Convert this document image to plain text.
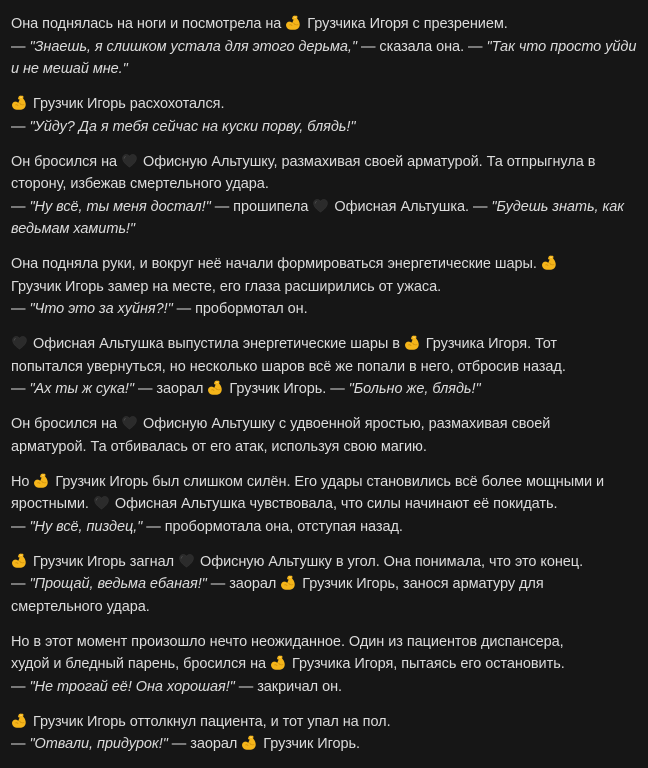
Она поднялась на ноги и посмотрела на
Грузчика Игоря с презрением.
— "Знаешь, я слишком устала для этого дерьма," — сказала она. — "Так что просто уйди
и не мешай мне."
Грузчик Игорь расхохотался.
— "Уйду? Да я тебя сейчас на куски порву, блядь!"
Он бросился на
Офисную Альтушку, размахивая своей арматурой. Та отпрыгнула в
сторону, избежав смертельного удара.
— "Ну всё, ты меня достал!" — прошипела
Офисная Альтушка. — "Будешь знать, как
ведьмам хамить!"
Она подняла руки, и вокруг неё начали формироваться энергетические шары.
Грузчик Игорь замер на месте, его глаза расширились от ужаса.
— "Что это за хуйня?!" — пробормотал он.
Офисная Альтушка выпустила энергетические шары в
Грузчика Игоря. Тот
попытался увернуться, но несколько шаров всё же попали в него, отбросив назад.
— "Ах ты ж сука!" — заорал
Грузчик Игорь. — "Больно же, блядь!"
Он бросился на
Офисную Альтушку с удвоенной яростью, размахивая своей
арматурой. Та отбивалась от его атак, используя свою магию.
Но
Грузчик Игорь был слишком силён. Его удары становились всё более мощными и
яростными.
Офисная Альтушка чувствовала, что силы начинают её покидать.
— "Ну всё, пиздец," — пробормотала она, отступая назад.
Грузчик Игорь загнал
Офисную Альтушку в угол. Она понимала, что это конец.
— "Прощай, ведьма ебаная!" — заорал
Грузчик Игорь, занося арматуру для
смертельного удара.
Но в этот момент произошло нечто неожиданное. Один из пациентов диспансера,
худой и бледный парень, бросился на
Грузчика Игоря, пытаясь его остановить.
— "Не трогай её! Она хорошая!" — закричал он.
Грузчик Игорь оттолкнул пациента, и тот упал на пол.
— "Отвали, придурок!" — заорал
Грузчик Игорь.
